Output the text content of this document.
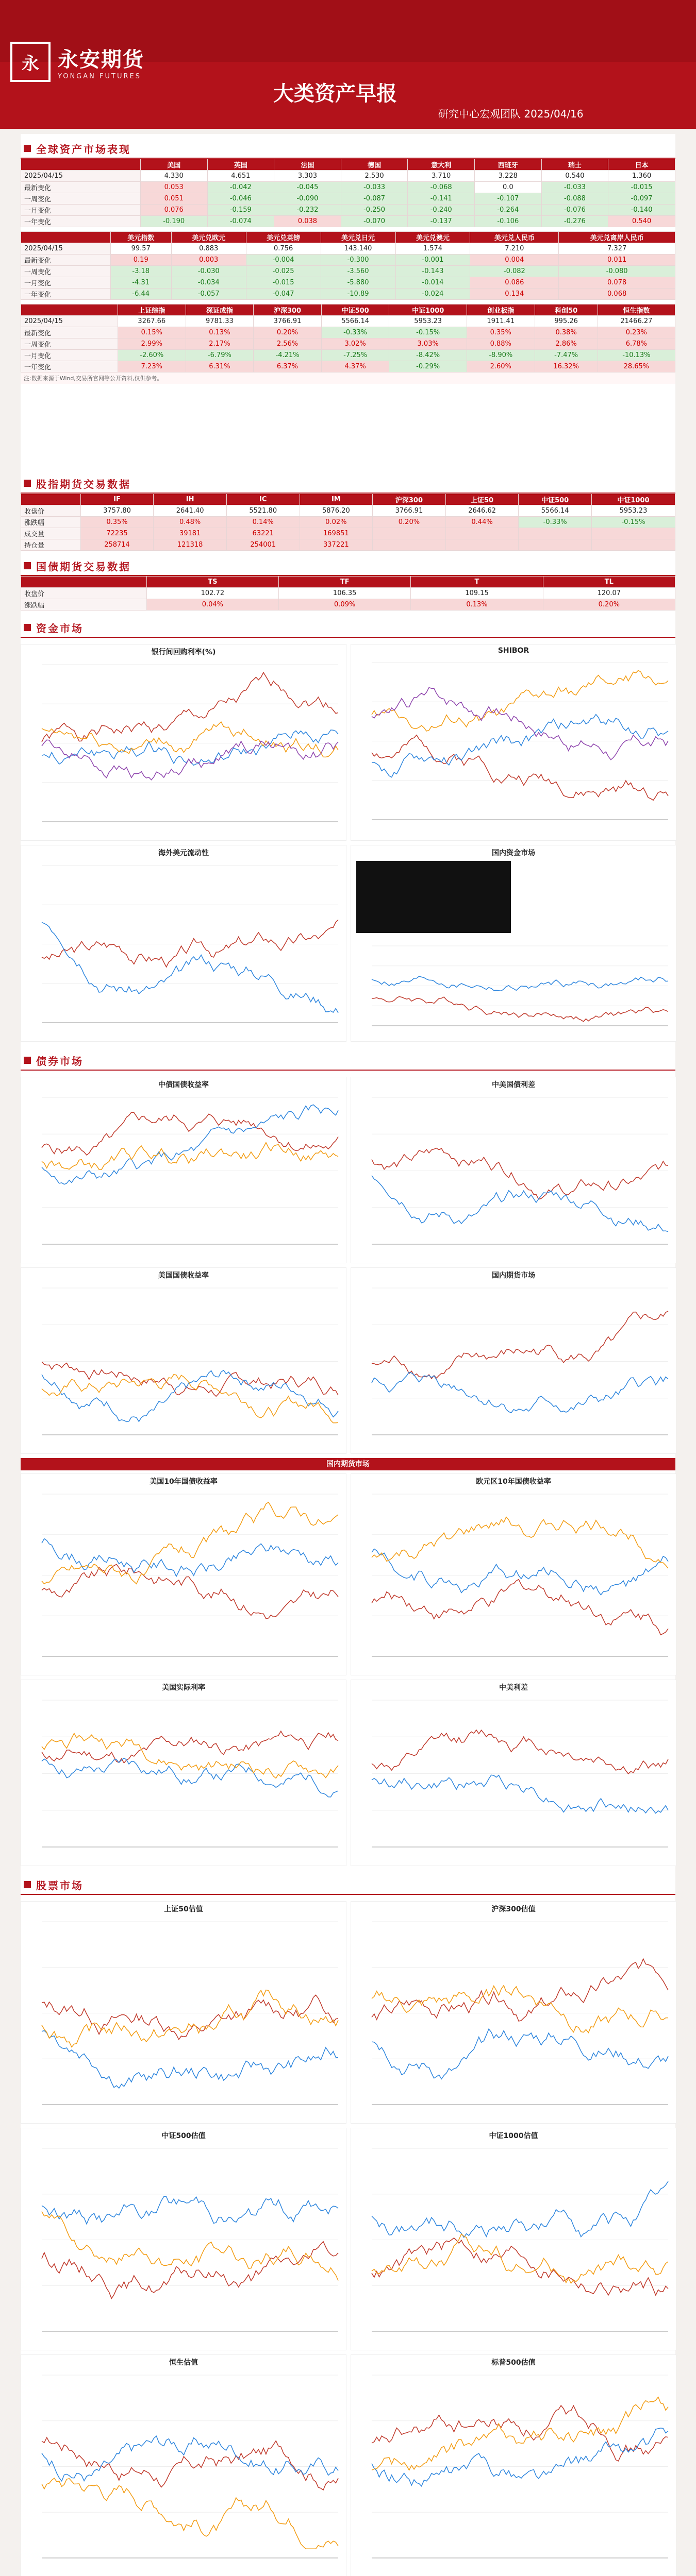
永 永安期货
YONGAN FUTURES
大类资产早报
研究中心宏观团队 2025/04/16
全球资产市场表现
	美国	英国	法国	德国	意大利	西班牙	瑞士	日本
2025/04/15	4.330	4.651	3.303	2.530	3.710	3.228	0.540	1.360
最新变化	0.053	-0.042	-0.045	-0.033	-0.068	0.0	-0.033	-0.015
一周变化	0.051	-0.046	-0.090	-0.087	-0.141	-0.107	-0.088	-0.097
一月变化	0.076	-0.159	-0.232	-0.250	-0.240	-0.264	-0.076	-0.140
一年变化	-0.190	-0.074	0.038	-0.070	-0.137	-0.106	-0.276	0.540
	美元指数	美元兑欧元	美元兑英镑	美元兑日元	美元兑澳元	美元兑人民币	美元兑离岸人民币
2025/04/15	99.57	0.883	0.756	143.140	1.574	7.210	7.327
最新变化	0.19	0.003	-0.004	-0.300	-0.001	0.004	0.011
一周变化	-3.18	-0.030	-0.025	-3.560	-0.143	-0.082	-0.080
一月变化	-4.31	-0.034	-0.015	-5.880	-0.014	0.086	0.078
一年变化	-6.44	-0.057	-0.047	-10.89	-0.024	0.134	0.068
	上证综指	深证成指	沪深300	中证500	中证1000	创业板指	科创50	恒生指数
2025/04/15	3267.66	9781.33	3766.91	5566.14	5953.23	1911.41	995.26	21466.27
最新变化	0.15%	0.13%	0.20%	-0.33%	-0.15%	0.35%	0.38%	0.23%
一周变化	2.99%	2.17%	2.56%	3.02%	3.03%	0.88%	2.86%	6.78%
一月变化	-2.60%	-6.79%	-4.21%	-7.25%	-8.42%	-8.90%	-7.47%	-10.13%
一年变化	7.23%	6.31%	6.37%	4.37%	-0.29%	2.60%	16.32%	28.65%
注:数据来源于Wind,交易所官网等公开资料,仅供参考。
股指期货交易数据
	IF	IH	IC	IM	沪深300	上证50	中证500	中证1000
收盘价	3757.80	2641.40	5521.80	5876.20	3766.91	2646.62	5566.14	5953.23
涨跌幅	0.35%	0.48%	0.14%	0.02%	0.20%	0.44%	-0.33%	-0.15%
成交量	72235	39181	63221	169851				
持仓量	258714	121318	254001	337221				
国债期货交易数据
	TS	TF	T	TL
收盘价	102.72	106.35	109.15	120.07
涨跌幅	0.04%	0.09%	0.13%	0.20%
资金市场
银行间回购利率(%)	SHIBOR
海外美元流动性	国内资金市场
债券市场
中债国债收益率	中美国债利差
美国国债收益率	国内期货市场
国内期货市场
美国10年国债收益率	欧元区10年国债收益率
美国实际利率	中美利差
股票市场
上证50估值	沪深300估值
中证500估值	中证1000估值
恒生估值	标普500估值
